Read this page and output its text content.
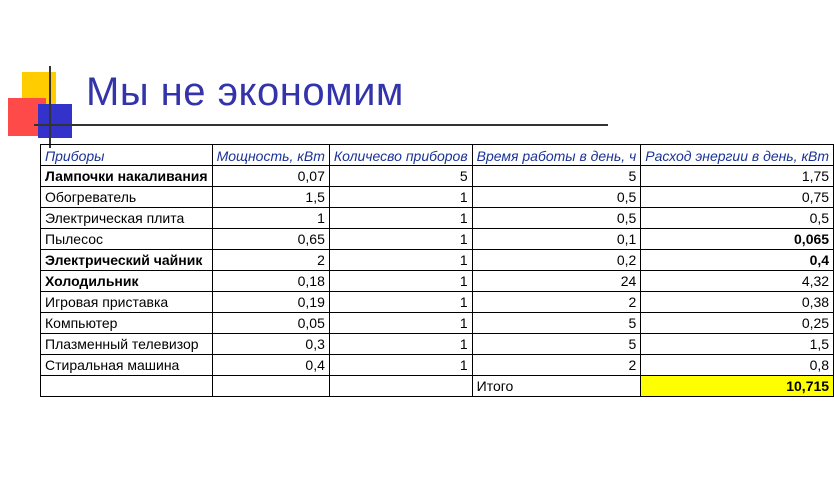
Мы не экономим
Приборы	Мощность, кВт	Количесво приборов	Время работы в день, ч	Расход энергии в день, кВт
Лампочки накаливания	0,07	5	5	1,75
Обогреватель	1,5	1	0,5	0,75
Электрическая плита	1	1	0,5	0,5
Пылесос	0,65	1	0,1	0,065
Электрический чайник	2	1	0,2	0,4
Холодильник	0,18	1	24	4,32
Игровая приставка	0,19	1	2	0,38
Компьютер	0,05	1	5	0,25
Плазменный телевизор	0,3	1	5	1,5
Стиральная машина	0,4	1	2	0,8
			Итого	10,715
